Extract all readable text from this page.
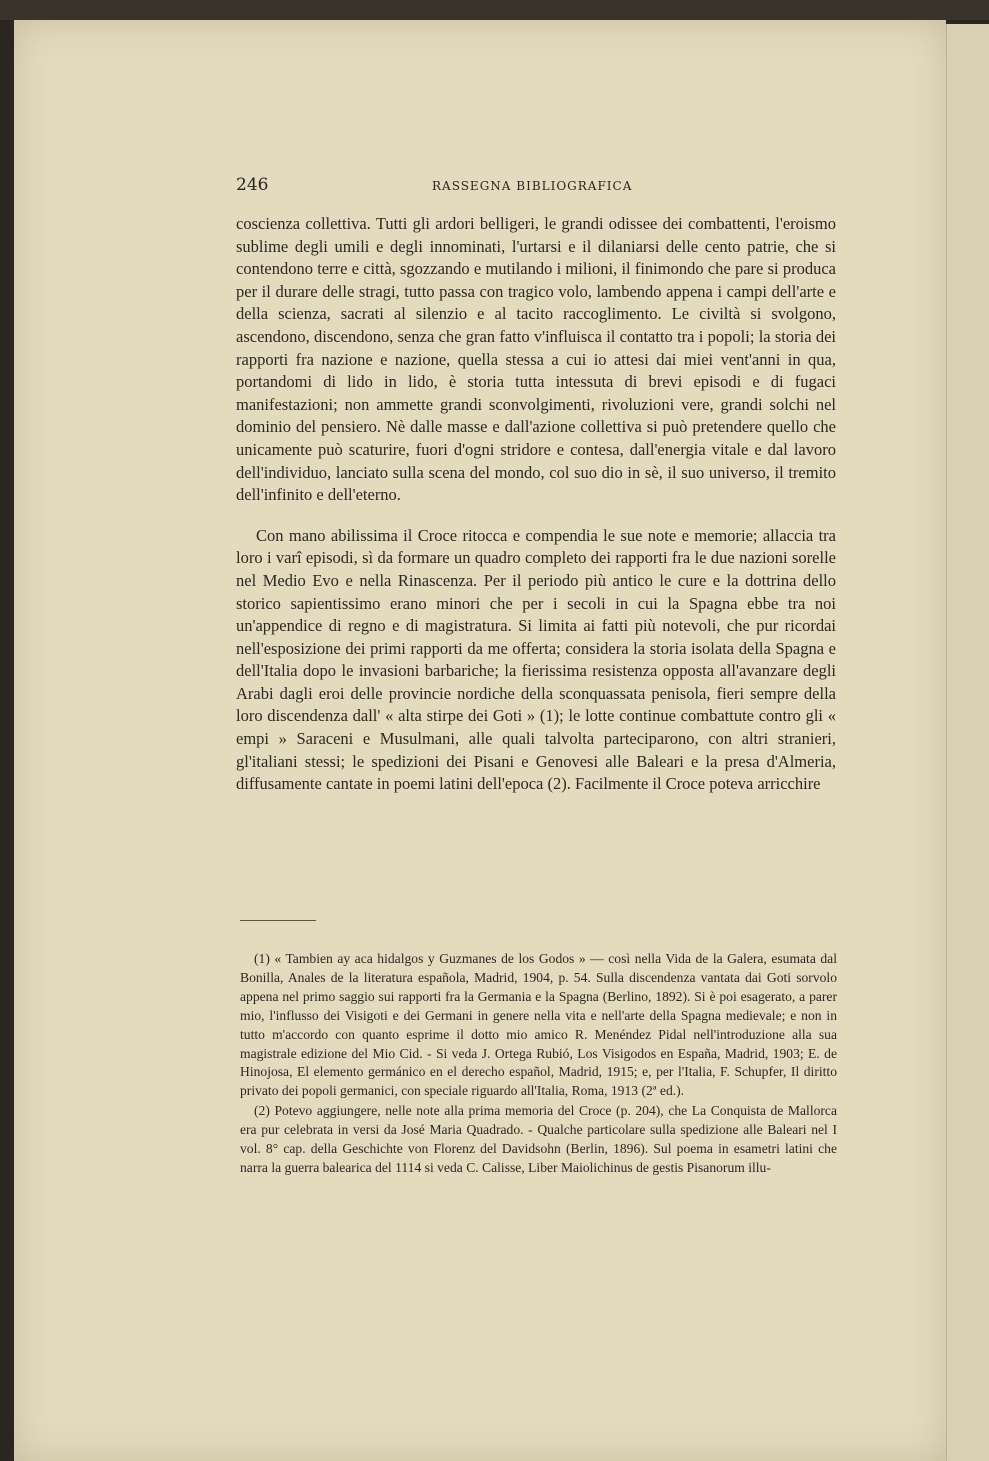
246	RASSEGNA BIBLIOGRAFICA

coscienza collettiva. Tutti gli ardori belligeri, le grandi odissee dei combattenti, l'eroismo sublime degli umili e degli innominati, l'urtarsi e il dilaniarsi delle cento patrie, che si contendono terre e città, sgozzando e mutilando i milioni, il finimondo che pare si produca per il durare delle stragi, tutto passa con tragico volo, lambendo appena i campi dell'arte e della scienza, sacrati al silenzio e al tacito raccoglimento. Le civiltà si svolgono, ascendono, discendono, senza che gran fatto v'influisca il contatto tra i popoli; la storia dei rapporti fra nazione e nazione, quella stessa a cui io attesi dai miei vent'anni in qua, portandomi di lido in lido, è storia tutta intessuta di brevi episodi e di fugaci manifestazioni; non ammette grandi sconvolgimenti, rivoluzioni vere, grandi solchi nel dominio del pensiero. Nè dalle masse e dall'azione collettiva si può pretendere quello che unicamente può scaturire, fuori d'ogni stridore e contesa, dall'energia vitale e dal lavoro dell'individuo, lanciato sulla scena del mondo, col suo dio in sè, il suo universo, il tremito dell'infinito e dell'eterno.

Con mano abilissima il Croce ritocca e compendia le sue note e memorie; allaccia tra loro i varî episodi, sì da formare un quadro completo dei rapporti fra le due nazioni sorelle nel Medio Evo e nella Rinascenza. Per il periodo più antico le cure e la dottrina dello storico sapientissimo erano minori che per i secoli in cui la Spagna ebbe tra noi un'appendice di regno e di magistratura. Si limita ai fatti più notevoli, che pur ricordai nell'esposizione dei primi rapporti da me offerta; considera la storia isolata della Spagna e dell'Italia dopo le invasioni barbariche; la fierissima resistenza opposta all'avanzare degli Arabi dagli eroi delle provincie nordiche della sconquassata penisola, fieri sempre della loro discendenza dall' « alta stirpe dei Goti » (1); le lotte continue combattute contro gli « empi » Saraceni e Musulmani, alle quali talvolta parteciparono, con altri stranieri, gl'italiani stessi; le spedizioni dei Pisani e Genovesi alle Baleari e la presa d'Almeria, diffusamente cantate in poemi latini dell'epoca (2). Facilmente il Croce poteva arricchire

(1) « Tambien ay aca hidalgos y Guzmanes de los Godos » — così nella Vida de la Galera, esumata dal Bonilla, Anales de la literatura española, Madrid, 1904, p. 54. Sulla discendenza vantata dai Goti sorvolo appena nel primo saggio sui rapporti fra la Germania e la Spagna (Berlino, 1892). Si è poi esagerato, a parer mio, l'influsso dei Visigoti e dei Germani in genere nella vita e nell'arte della Spagna medievale; e non in tutto m'accordo con quanto esprime il dotto mio amico R. Menéndez Pidal nell'introduzione alla sua magistrale edizione del Mio Cid. - Si veda J. Ortega Rubió, Los Visigodos en España, Madrid, 1903; E. de Hinojosa, El elemento germánico en el derecho español, Madrid, 1915; e, per l'Italia, F. Schupfer, Il diritto privato dei popoli germanici, con speciale riguardo all'Italia, Roma, 1913 (2ª ed.).

(2) Potevo aggiungere, nelle note alla prima memoria del Croce (p. 204), che La Conquista de Mallorca era pur celebrata in versi da José Maria Quadrado. - Qualche particolare sulla spedizione alle Baleari nel I vol. 8° cap. della Geschichte von Florenz del Davidsohn (Berlin, 1896). Sul poema in esametri latini che narra la guerra balearica del 1114 si veda C. Calisse, Liber Maiolichinus de gestis Pisanorum illu-
